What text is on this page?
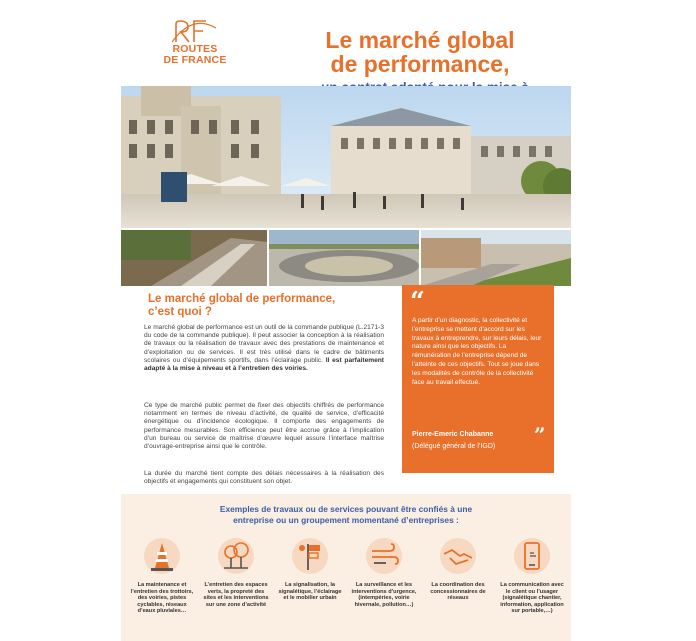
ROUTES
DE FRANCE
Le marché global
de performance,
Le marché global de performance,
c’est quoi ?
Le marché global de performance est un outil de la commande publique (L.2171-3 du code de la commande publique). Il peut associer la conception à la réalisation de travaux ou la réalisation de travaux avec des prestations de maintenance et d’exploitation ou de services. Il est très utilisé dans le cadre de bâtiments scolaires ou d’équipements sportifs, dans l’éclairage public. Il est parfaitement adapté à la mise à niveau et à l’entretien des voiries.
Ce type de marché public permet de fixer des objectifs chiffrés de performance notamment en termes de niveau d’activité, de qualité de service, d’efficacité énergétique ou d’incidence écologique. Il comporte des engagements de performance mesurables. Son efficience peut être accrue grâce à l’implication d’un bureau ou service de maîtrise d’œuvre lequel assure l’interface maîtrise d’ouvrage-entreprise ainsi que le contrôle.
La durée du marché tient compte des délais nécessaires à la réalisation des objectifs et engagements qui constituent son objet.
“
A partir d’un diagnostic, la collectivité et l’entreprise se mettent d’accord sur les travaux à entreprendre, sur leurs délais, leur nature ainsi que les objectifs. La rémunération de l’entreprise dépend de l’atteinte de ces objectifs. Tout se joue dans les modalités de contrôle de la collectivité face au travail effectué.
Pierre-Emeric Chabanne
(Délégué général de l’IGD) ”
Exemples de travaux ou de services pouvant être confiés à une
entreprise ou un groupement momentané d’entreprises :
La maintenance et l’entretien des trottoirs, des voiries, pistes cyclables, réseaux d’eaux pluviales…
L’entretien des espaces verts, la propreté des sites et les interventions sur une zone d’activité
La signalisation, la signalétique, l’éclairage et le mobilier urbain
La surveillance et les interventions d’urgence, (intempéries, voirie hivernale, pollution…)
La coordination des concessionnaires de réseaux
La communication avec le client ou l’usager (signalétique chantier, information, application sur portable,…)
